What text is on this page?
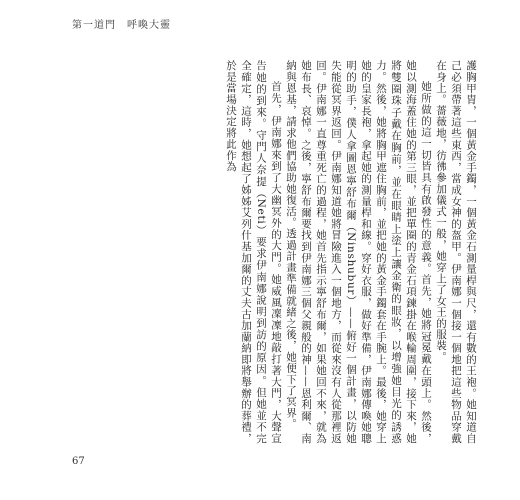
第一道門　呼喚大靈

護胸甲胄，一個黃金手鐲，一個黃金石測量桿與尺，還有數的王袍。她知道自己必須帶著這些東西，當成女神的盔甲。伊南娜一個接一個地把這些物品穿戴在身上。薔薇地，彷彿參加儀式一般，她穿上了女王的服裝。

她所做的這一切皆具有啟發性的意義。首先，她將冠冕戴在頭上。然後，她以測海蓋住她的第三眼，並把單圈的青金石項鍊掛在喉輪周圍，接下來，她將雙圈珠子戴在胸前，並在眼睛上塗上讓金衛的眼妝，以增強她目光的誘惑力。然後，她將胸甲遮住胸前，並把她的黃金手鐲套在手腕上。最後，她穿上她的皇家長袍，拿起她的測量桿和線。穿好衣服，做好準備，伊南娜傳喚她聰明的助手，僕人拿圖恩寧舒布爾（Ninshubur）——俯好一個計畫，以防她失能從冥界返回。伊南娜知道她將冒險進入一個地方，而從來沒有人從那裡返回。伊南娜一直尊重死亡的過程，她首先指示寧舒布爾，如果她回不來，就為她布長、哀悼。之後，寧舒布爾要找到伊南娜三個父親般的神——恩利爾、南納與恩基，請求他們協助她復活。透過計畫準備就緒之後，她便下了冥界。

首先，伊南娜來到了大幽冥外的大門。她威風凜凜地敲打著大門，大聲宣告她的到來。守門人奈提（Neti）要求伊南娜說明到訪的原因。但她並不完全確定，這時，她想起了姊姊艾列什基加爾的丈夫古加蘭納即將舉辦的葬禮，於是當場決定將此作為

67
